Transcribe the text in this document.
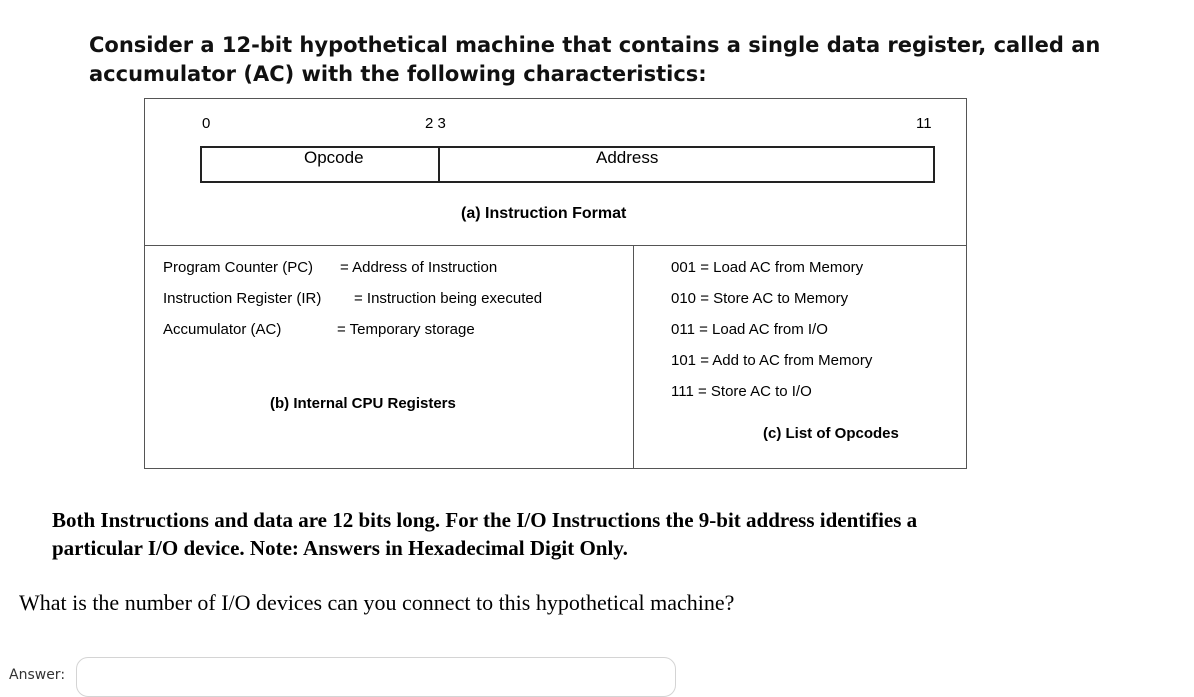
Consider a 12-bit hypothetical machine that contains a single data register, called an
accumulator (AC) with the following characteristics:
0	2 3	11
Opcode	Address
(a) Instruction Format
Program Counter (PC) = Address of Instruction
Instruction Register (IR) = Instruction being executed
Accumulator (AC)	= Temporary storage
(b) Internal CPU Registers
001 = Load AC from Memory
010 = Store AC to Memory
011 = Load AC from I/O
101 = Add to AC from Memory
111 = Store AC to I/O
(c) List of Opcodes
Both Instructions and data are 12 bits long. For the I/O Instructions the 9-bit address identifies a
particular I/O device. Note: Answers in Hexadecimal Digit Only.
What is the number of I/O devices can you connect to this hypothetical machine?
Answer:
